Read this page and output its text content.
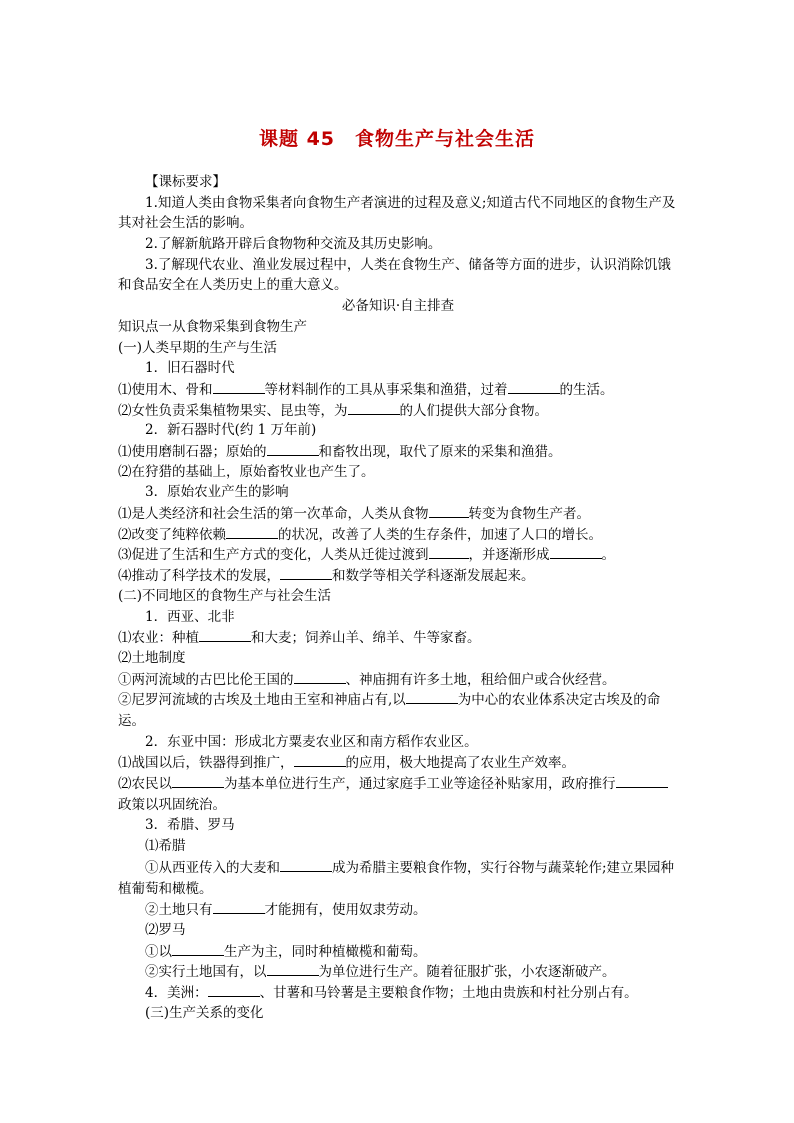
课题 45　食物生产与社会生活
【课标要求】
1.知道人类由食物采集者向食物生产者演进的过程及意义;知道古代不同地区的食物生产及其对社会生活的影响。
2.了解新航路开辟后食物物种交流及其历史影响。
3.了解现代农业、渔业发展过程中，人类在食物生产、储备等方面的进步，认识消除饥饿和食品安全在人类历史上的重大意义。
必备知识·自主排查
知识点一从食物采集到食物生产
(一)人类早期的生产与生活
1．旧石器时代
⑴使用木、骨和	等材料制作的工具从事采集和渔猎，过着	的生活。
⑵女性负责采集植物果实、昆虫等，为	的人们提供大部分食物。
2．新石器时代(约 1 万年前)
⑴使用磨制石器；原始的	和畜牧出现，取代了原来的采集和渔猎。
⑵在狩猎的基础上，原始畜牧业也产生了。
3．原始农业产生的影响
⑴是人类经济和社会生活的第一次革命，人类从食物	转变为食物生产者。
⑵改变了纯粹依赖	的状况，改善了人类的生存条件，加速了人口的增长。
⑶促进了生活和生产方式的变化，人类从迁徙过渡到	，并逐渐形成	。
⑷推动了科学技术的发展，	和数学等相关学科逐渐发展起来。
(二)不同地区的食物生产与社会生活
1．西亚、北非
⑴农业：种植	和大麦；饲养山羊、绵羊、牛等家畜。
⑵土地制度
①两河流域的古巴比伦王国的	、神庙拥有许多土地，租给佃户或合伙经营。
②尼罗河流域的古埃及土地由王室和神庙占有,以	为中心的农业体系决定古埃及的命运。
2．东亚中国：形成北方粟麦农业区和南方稻作农业区。
⑴战国以后，铁器得到推广，	的应用，极大地提高了农业生产效率。
⑵农民以	为基本单位进行生产，通过家庭手工业等途径补贴家用，政府推行政策以巩固统治。
3．希腊、罗马
⑴希腊
①从西亚传入的大麦和	成为希腊主要粮食作物，实行谷物与蔬菜轮作;建立果园种植葡萄和橄榄。
②土地只有	才能拥有，使用奴隶劳动。
⑵罗马
①以	生产为主，同时种植橄榄和葡萄。
②实行土地国有，以	为单位进行生产。随着征服扩张，小农逐渐破产。
4．美洲：	、甘薯和马铃薯是主要粮食作物；土地由贵族和村社分别占有。
(三)生产关系的变化
